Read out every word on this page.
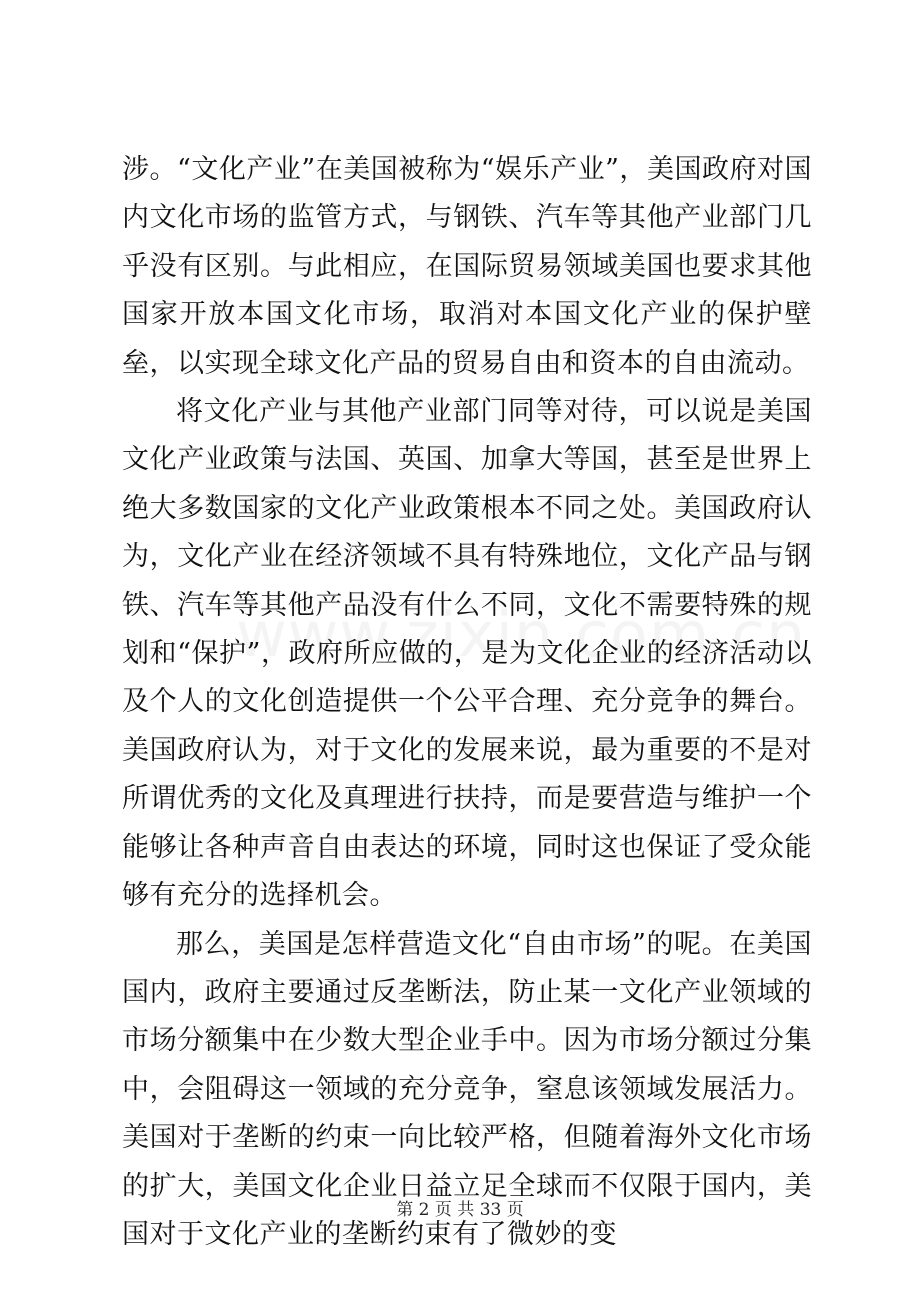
涉。“文化产业”在美国被称为“娱乐产业”，美国政府对国内文化市场的监管方式，与钢铁、汽车等其他产业部门几乎没有区别。与此相应，在国际贸易领域美国也要求其他国家开放本国文化市场，取消对本国文化产业的保护壁垒，以实现全球文化产品的贸易自由和资本的自由流动。

将文化产业与其他产业部门同等对待，可以说是美国文化产业政策与法国、英国、加拿大等国，甚至是世界上绝大多数国家的文化产业政策根本不同之处。美国政府认为，文化产业在经济领域不具有特殊地位，文化产品与钢铁、汽车等其他产品没有什么不同，文化不需要特殊的规划和“保护”，政府所应做的，是为文化企业的经济活动以及个人的文化创造提供一个公平合理、充分竞争的舞台。美国政府认为，对于文化的发展来说，最为重要的不是对所谓优秀的文化及真理进行扶持，而是要营造与维护一个能够让各种声音自由表达的环境，同时这也保证了受众能够有充分的选择机会。

那么，美国是怎样营造文化“自由市场”的呢。在美国国内，政府主要通过反垄断法，防止某一文化产业领域的市场分额集中在少数大型企业手中。因为市场分额过分集中，会阻碍这一领域的充分竞争，窒息该领域发展活力。美国对于垄断的约束一向比较严格，但随着海外文化市场的扩大，美国文化企业日益立足全球而不仅限于国内，美国对于文化产业的垄断约束有了微妙的变

第 2 页 共 33 页
